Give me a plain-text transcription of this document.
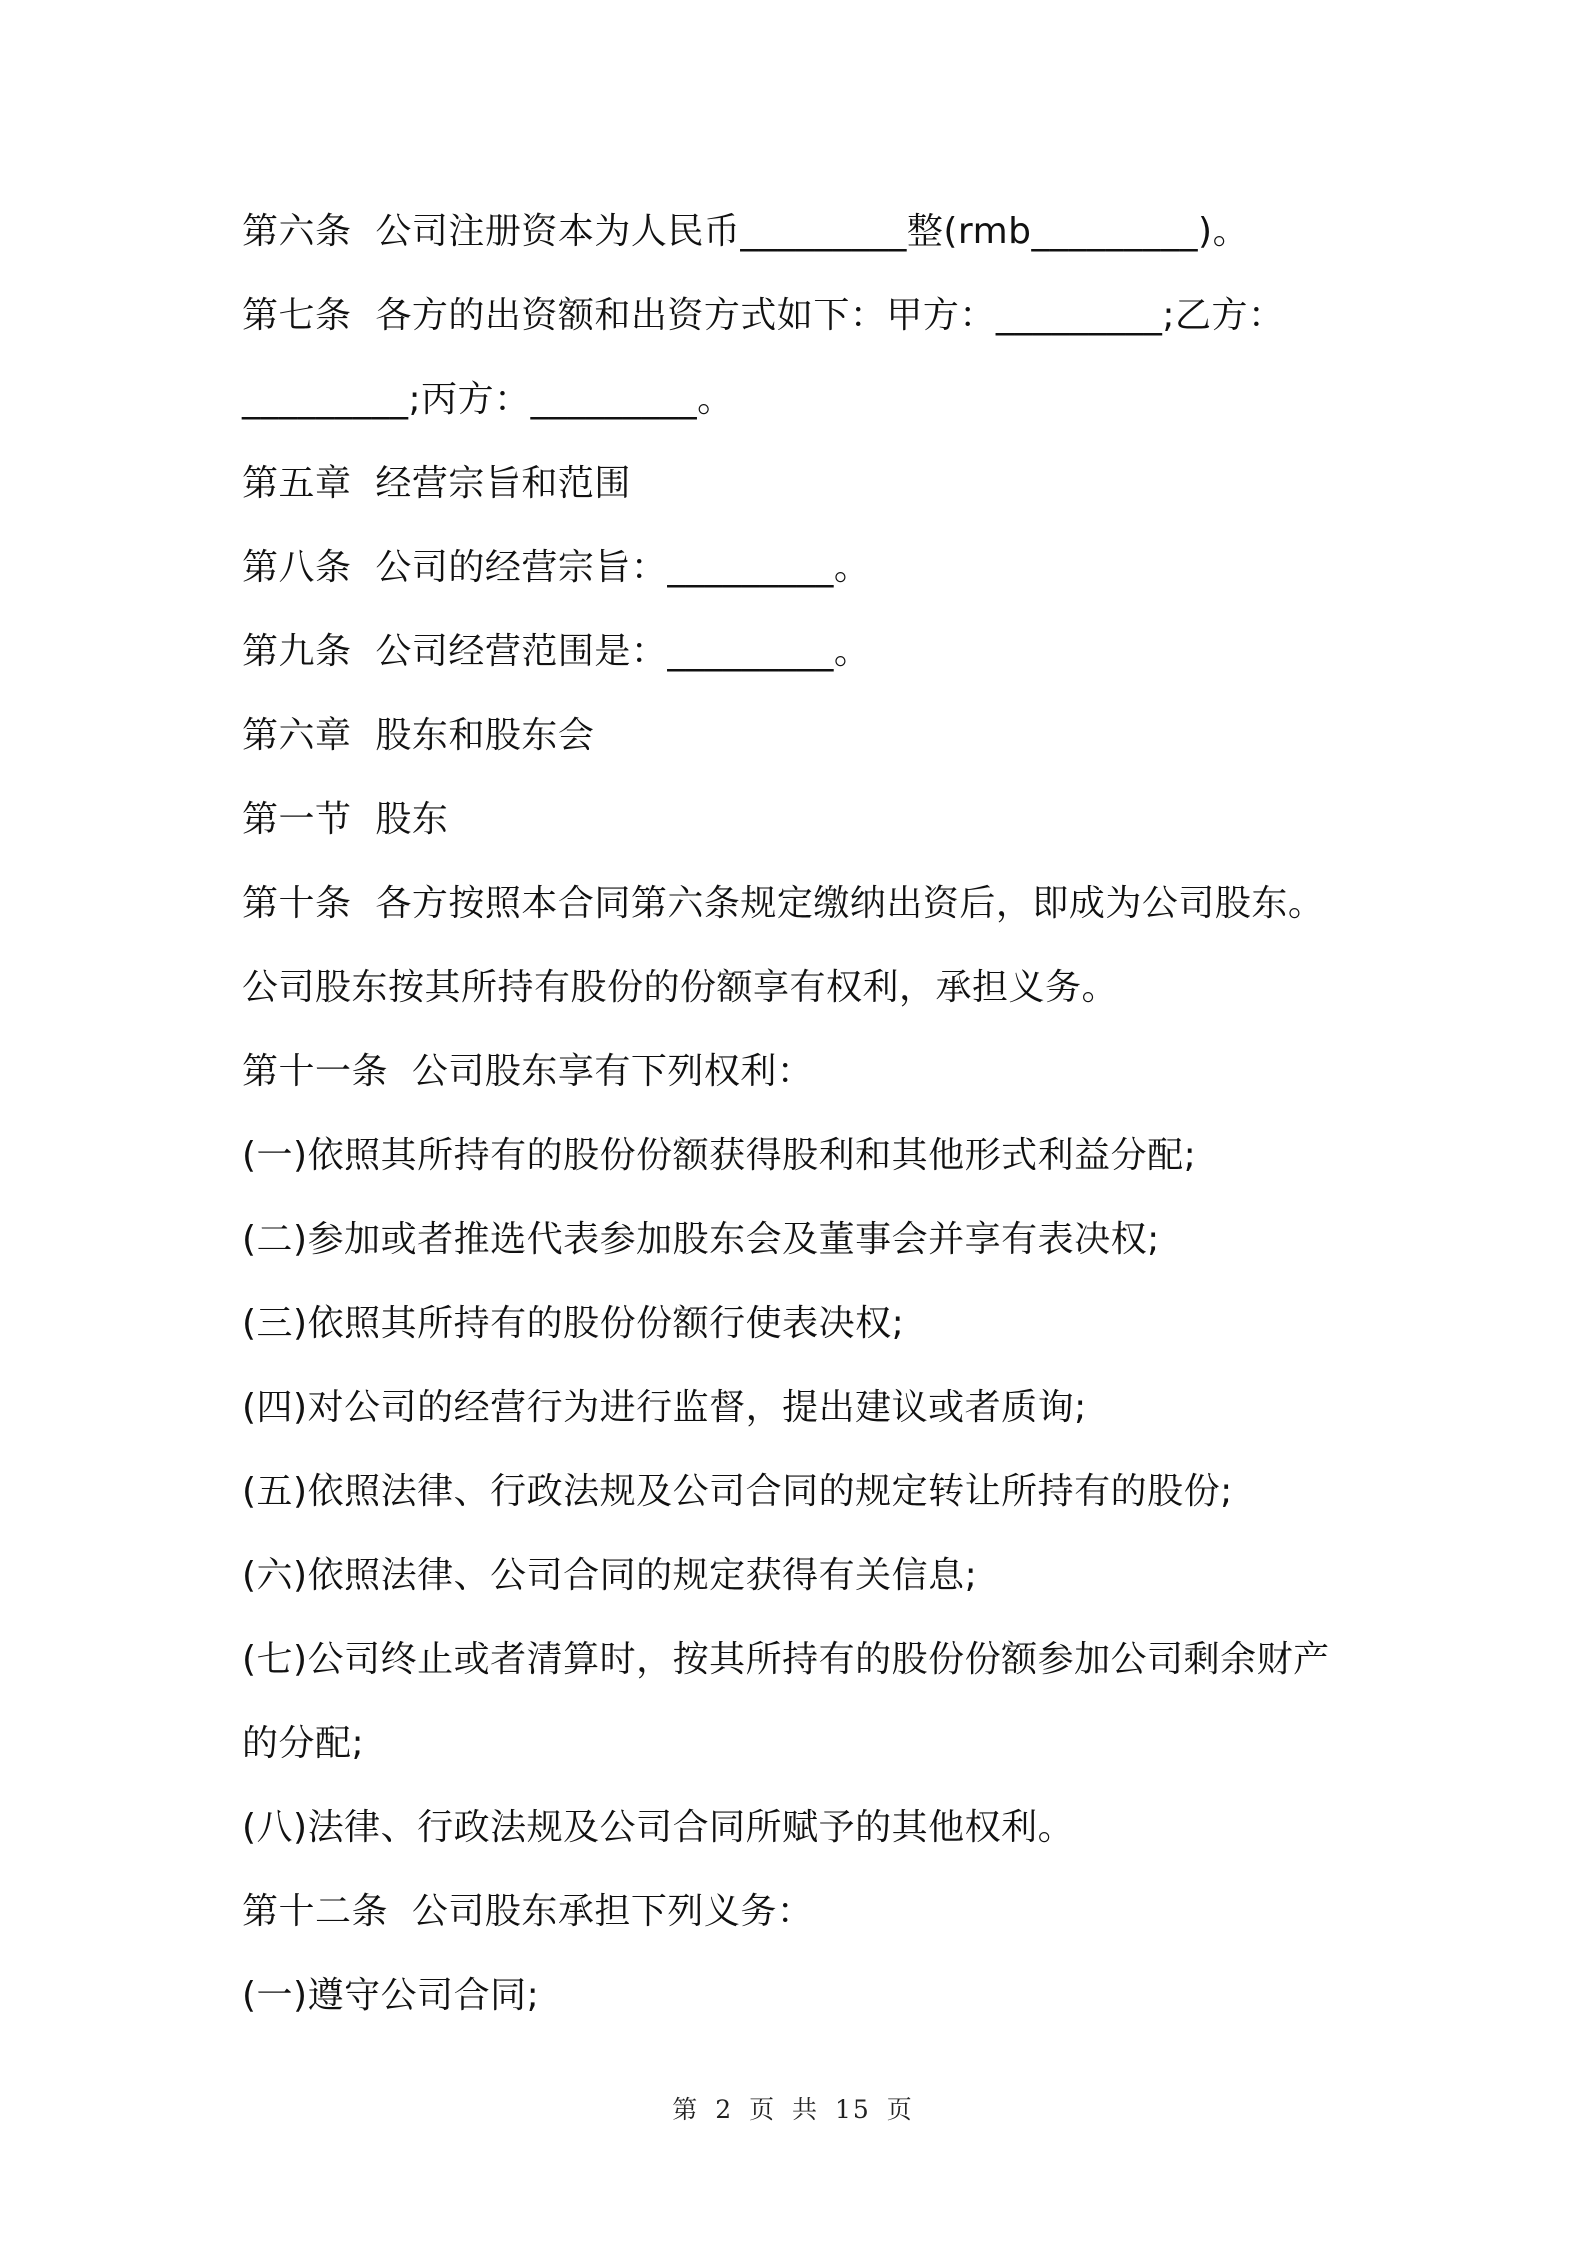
第六条  公司注册资本为人民币_________整(rmb_________)。
第七条  各方的出资额和出资方式如下：甲方：_________;乙方：
_________;丙方：_________。
第五章  经营宗旨和范围
第八条  公司的经营宗旨：_________。
第九条  公司经营范围是：_________。
第六章  股东和股东会
第一节  股东
第十条  各方按照本合同第六条规定缴纳出资后，即成为公司股东。
公司股东按其所持有股份的份额享有权利，承担义务。
第十一条  公司股东享有下列权利：
(一)依照其所持有的股份份额获得股利和其他形式利益分配;
(二)参加或者推选代表参加股东会及董事会并享有表决权;
(三)依照其所持有的股份份额行使表决权;
(四)对公司的经营行为进行监督，提出建议或者质询;
(五)依照法律、行政法规及公司合同的规定转让所持有的股份;
(六)依照法律、公司合同的规定获得有关信息;
(七)公司终止或者清算时，按其所持有的股份份额参加公司剩余财产
的分配;
(八)法律、行政法规及公司合同所赋予的其他权利。
第十二条  公司股东承担下列义务：
(一)遵守公司合同;
第 2 页 共 15 页
